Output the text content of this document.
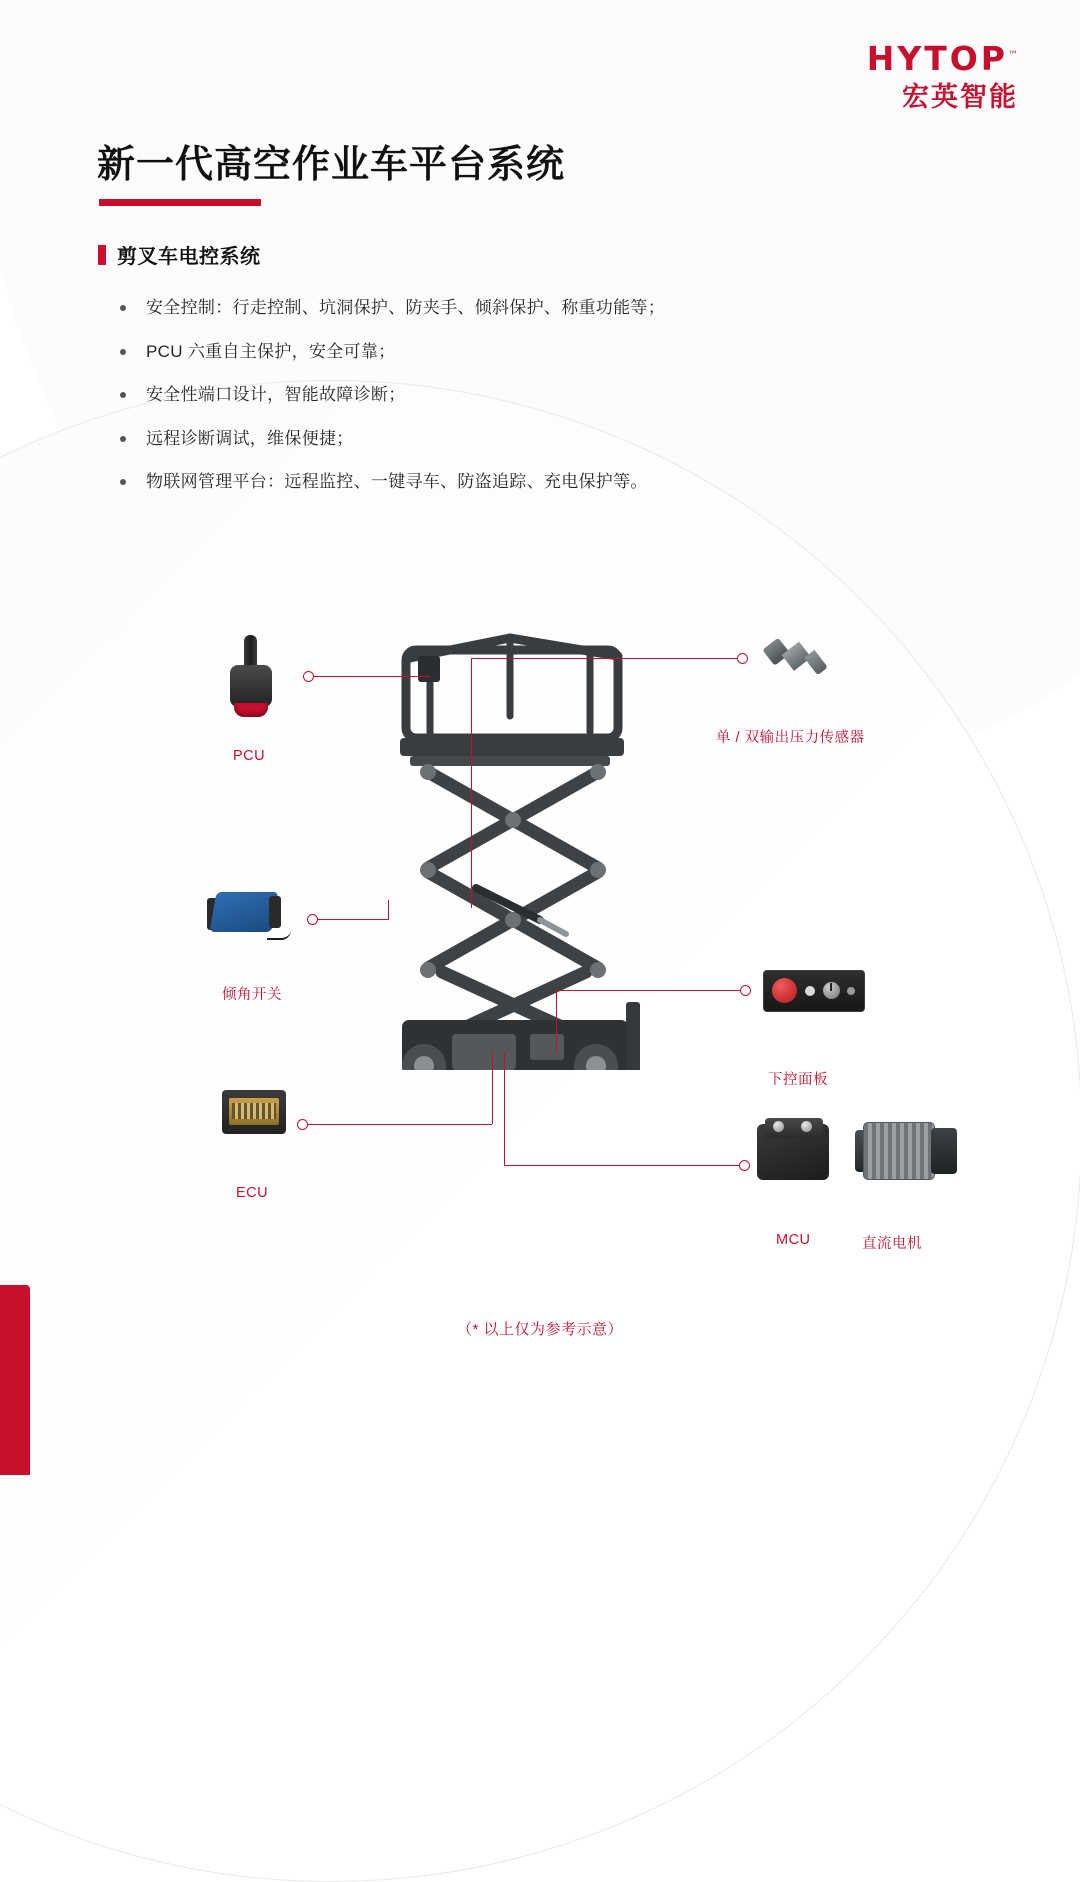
HYTOP™
宏英智能
新一代高空作业车平台系统
剪叉车电控系统
安全控制：行走控制、坑洞保护、防夹手、倾斜保护、称重功能等；
PCU 六重自主保护，安全可靠；
安全性端口设计，智能故障诊断；
远程诊断调试，维保便捷；
物联网管理平台：远程监控、一键寻车、防盗追踪、充电保护等。
PCU
单 / 双输出压力传感器
倾角开关
下控面板
ECU
MCU	直流电机
（* 以上仅为参考示意）
